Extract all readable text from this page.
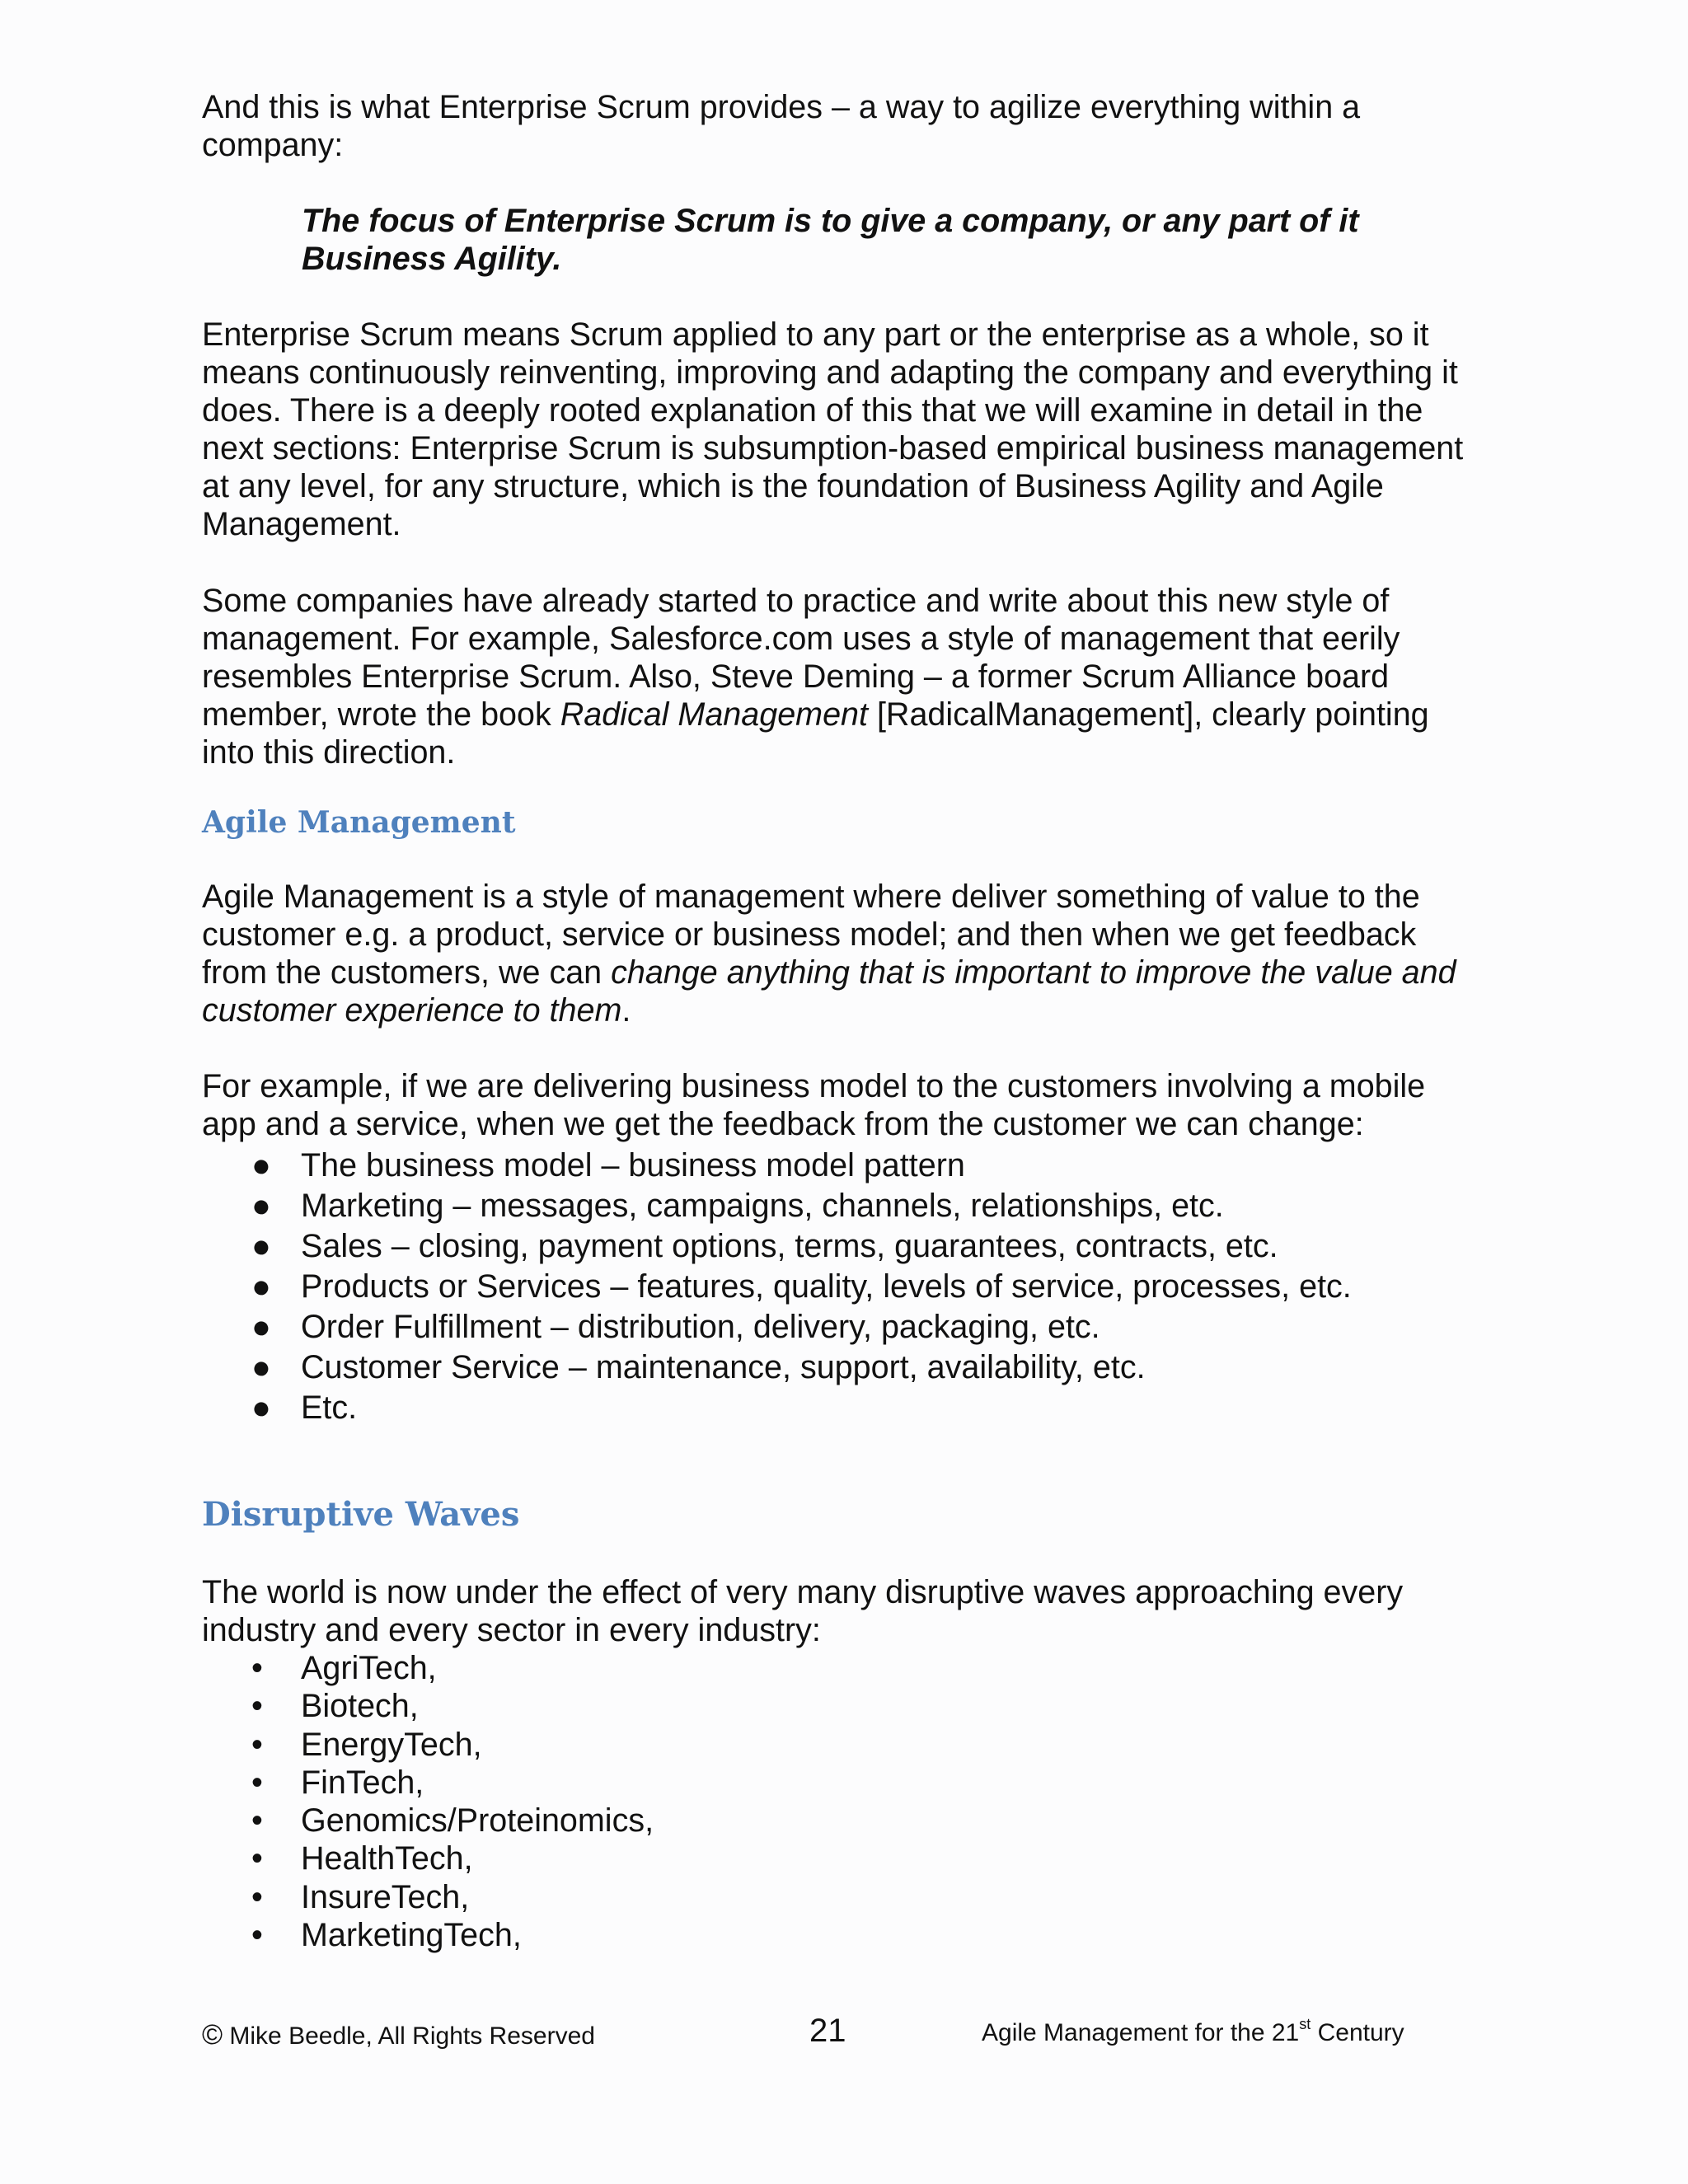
And this is what Enterprise Scrum provides – a way to agilize everything within a company:

The focus of Enterprise Scrum is to give a company, or any part of it Business Agility.

Enterprise Scrum means Scrum applied to any part or the enterprise as a whole, so it means continuously reinventing, improving and adapting the company and everything it does. There is a deeply rooted explanation of this that we will examine in detail in the next sections: Enterprise Scrum is subsumption-based empirical business management at any level, for any structure, which is the foundation of Business Agility and Agile Management.

Some companies have already started to practice and write about this new style of management. For example, Salesforce.com uses a style of management that eerily resembles Enterprise Scrum. Also, Steve Deming – a former Scrum Alliance board member, wrote the book Radical Management [RadicalManagement], clearly pointing into this direction.

Agile Management

Agile Management is a style of management where deliver something of value to the customer e.g. a product, service or business model; and then when we get feedback from the customers, we can change anything that is important to improve the value and customer experience to them.

For example, if we are delivering business model to the customers involving a mobile app and a service, when we get the feedback from the customer we can change:

● The business model – business model pattern
● Marketing – messages, campaigns, channels, relationships, etc.
● Sales – closing, payment options, terms, guarantees, contracts, etc.
● Products or Services – features, quality, levels of service, processes, etc.
● Order Fulfillment – distribution, delivery, packaging, etc.
● Customer Service – maintenance, support, availability, etc.
● Etc.
Disruptive Waves

The world is now under the effect of very many disruptive waves approaching every industry and every sector in every industry:

• AgriTech,
• Biotech,
• EnergyTech,
• FinTech,
• Genomics/Proteinomics,
• HealthTech,
• InsureTech,
• MarketingTech,
© Mike Beedle, All Rights Reserved	21	Agile Management for the 21st Century
